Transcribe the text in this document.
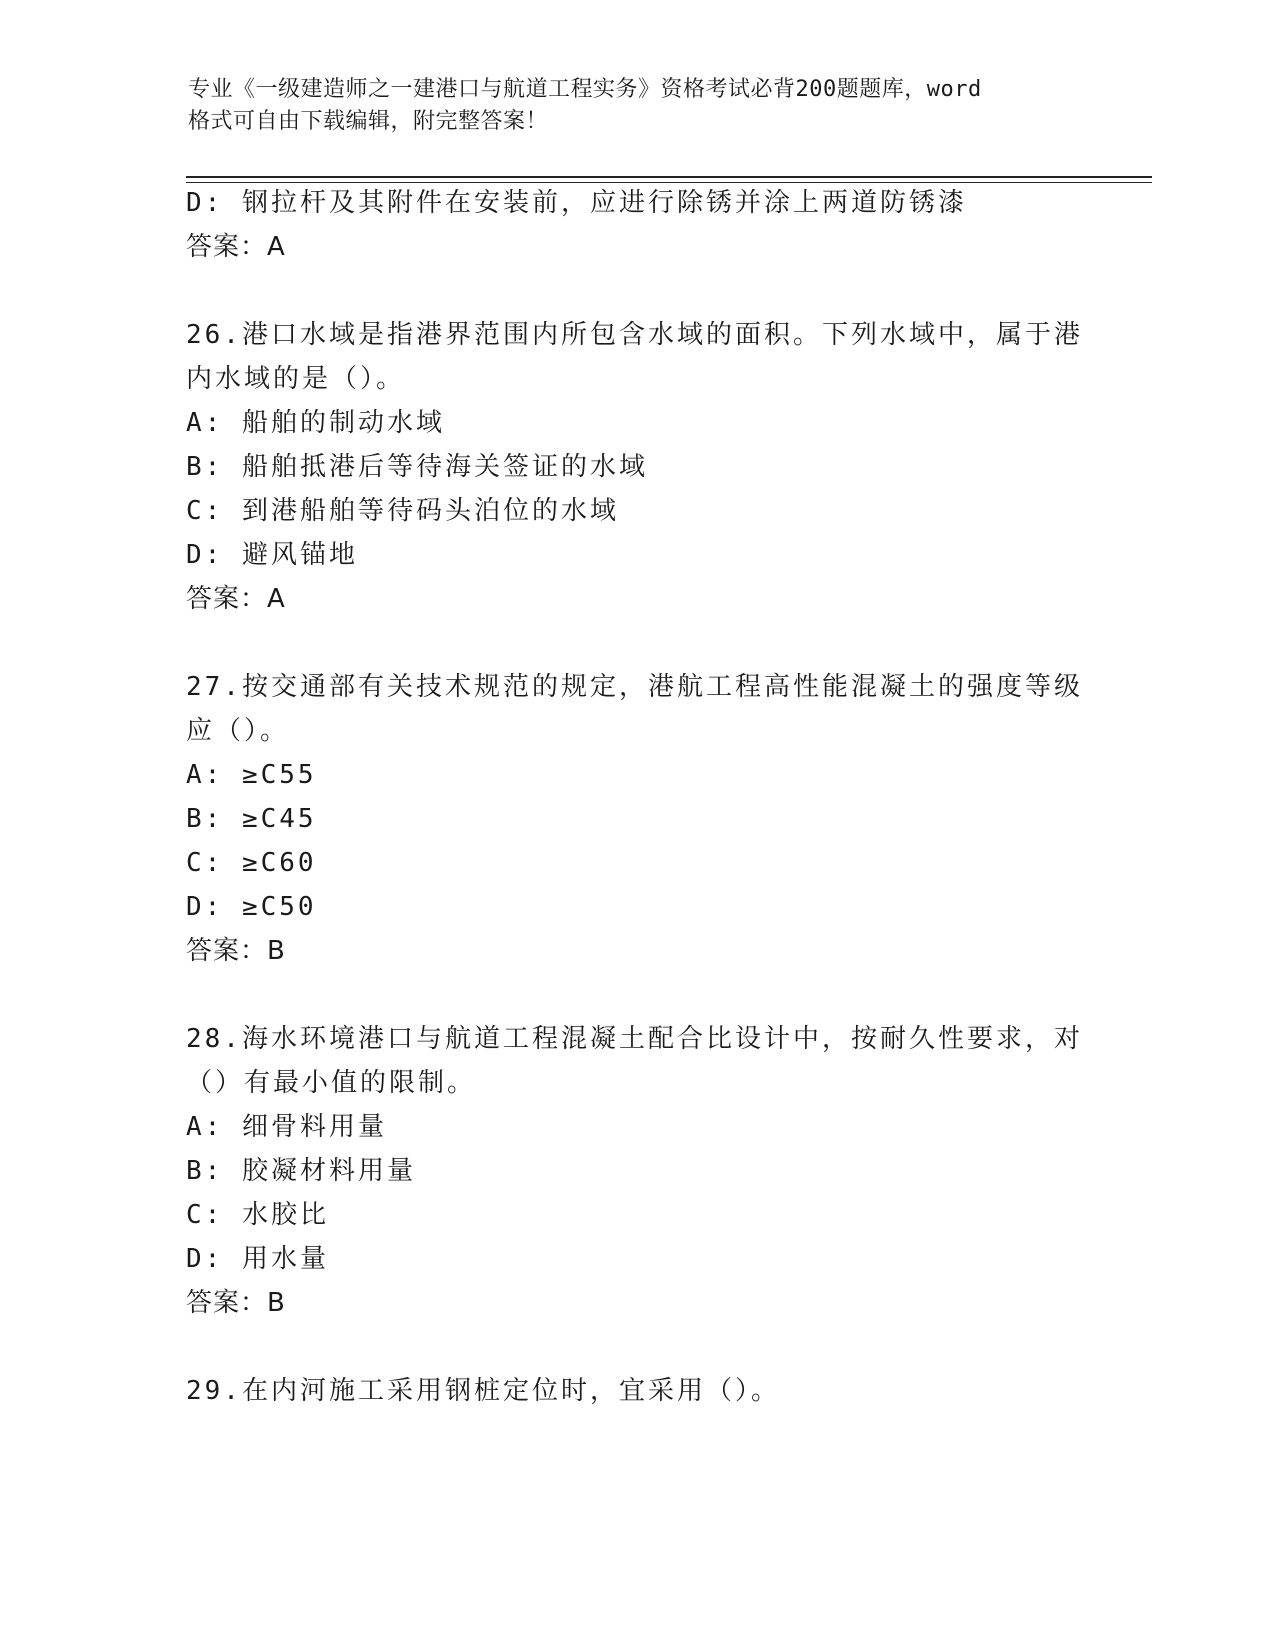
专业《一级建造师之一建港口与航道工程实务》资格考试必背200题题库，word
格式可自由下载编辑，附完整答案！
D: 钢拉杆及其附件在安装前，应进行除锈并涂上两道防锈漆
答案：A
26.港口水域是指港界范围内所包含水域的面积。下列水域中，属于港
内水域的是（）。
A: 船舶的制动水域
B: 船舶抵港后等待海关签证的水域
C: 到港船舶等待码头泊位的水域
D: 避风锚地
答案：A
27.按交通部有关技术规范的规定，港航工程高性能混凝土的强度等级
应（）。
A: ≥C55
B: ≥C45
C: ≥C60
D: ≥C50
答案：B
28.海水环境港口与航道工程混凝土配合比设计中，按耐久性要求，对
（）有最小值的限制。
A: 细骨料用量
B: 胶凝材料用量
C: 水胶比
D: 用水量
答案：B
29.在内河施工采用钢桩定位时，宜采用（）。
